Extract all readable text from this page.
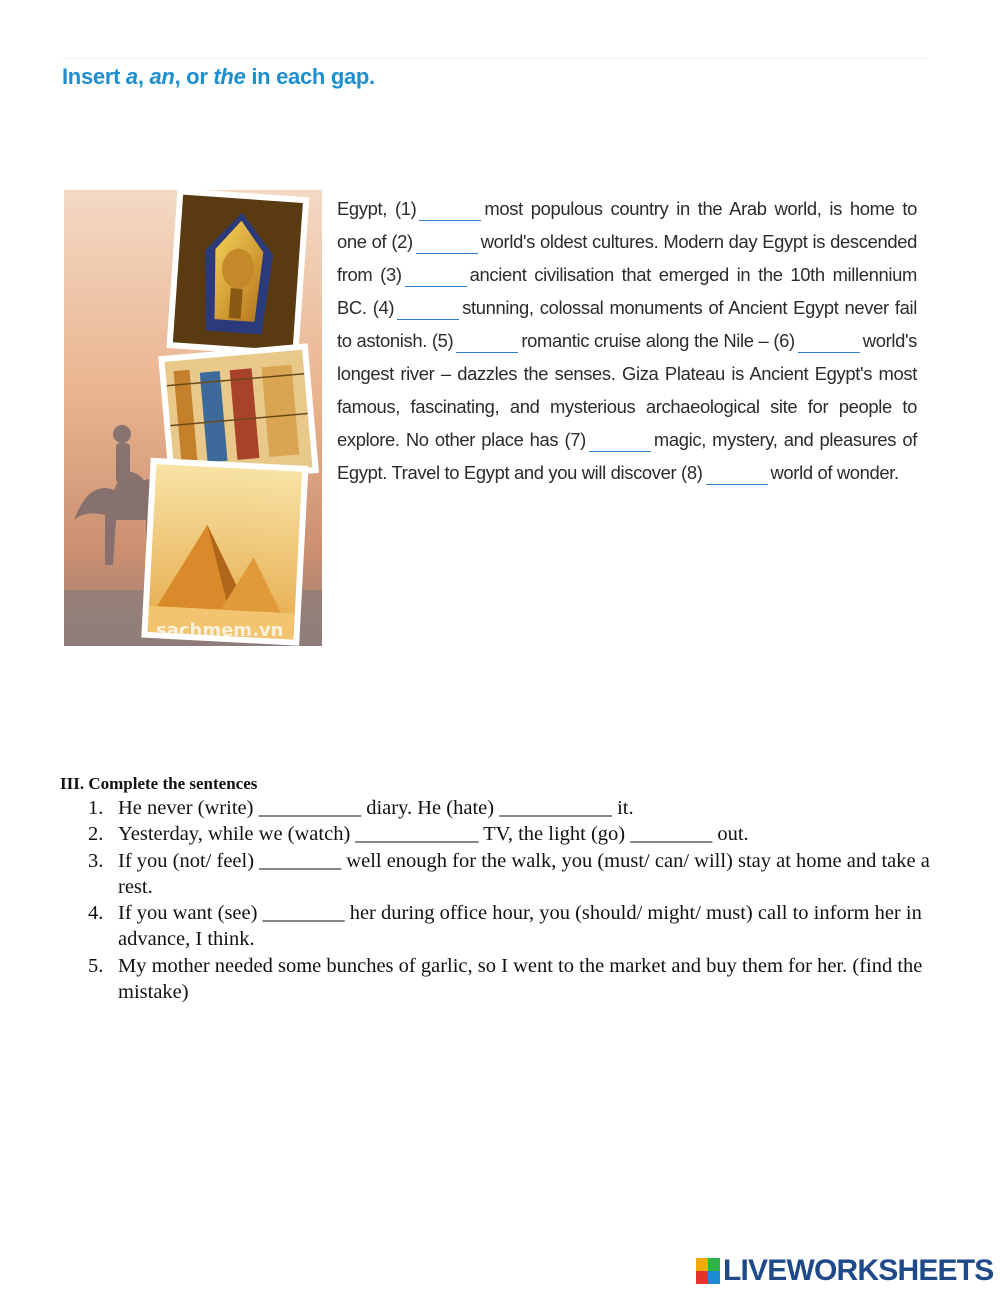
Insert a, an, or the in each gap.
sachmem.vn
Egypt, (1)	most populous country in the Arab world, is home to one of (2)	world's oldest cultures. Modern day Egypt is descended from (3)	ancient civilisation that emerged in the 10th millennium BC. (4)	stunning, colossal monuments of Ancient Egypt never fail to astonish. (5)	romantic cruise along the Nile – (6)	world's longest river – dazzles the senses. Giza Plateau is Ancient Egypt's most famous, fascinating, and mysterious archaeological site for people to explore. No other place has (7)	magic, mystery, and pleasures of Egypt. Travel to Egypt and you will discover (8)	world of wonder.
III. Complete the sentences
1. He never (write) __________ diary. He (hate) ___________ it.
2. Yesterday, while we (watch) ____________ TV, the light (go) ________ out.
3. If you (not/ feel) ________ well enough for the walk, you (must/ can/ will) stay at home and take a rest.
4. If you want (see) ________ her during office hour, you (should/ might/ must) call to inform her in advance, I think.
5. My mother needed some bunches of garlic, so I went to the market and buy them for her. (find the mistake)
LIVEWORKSHEETS
